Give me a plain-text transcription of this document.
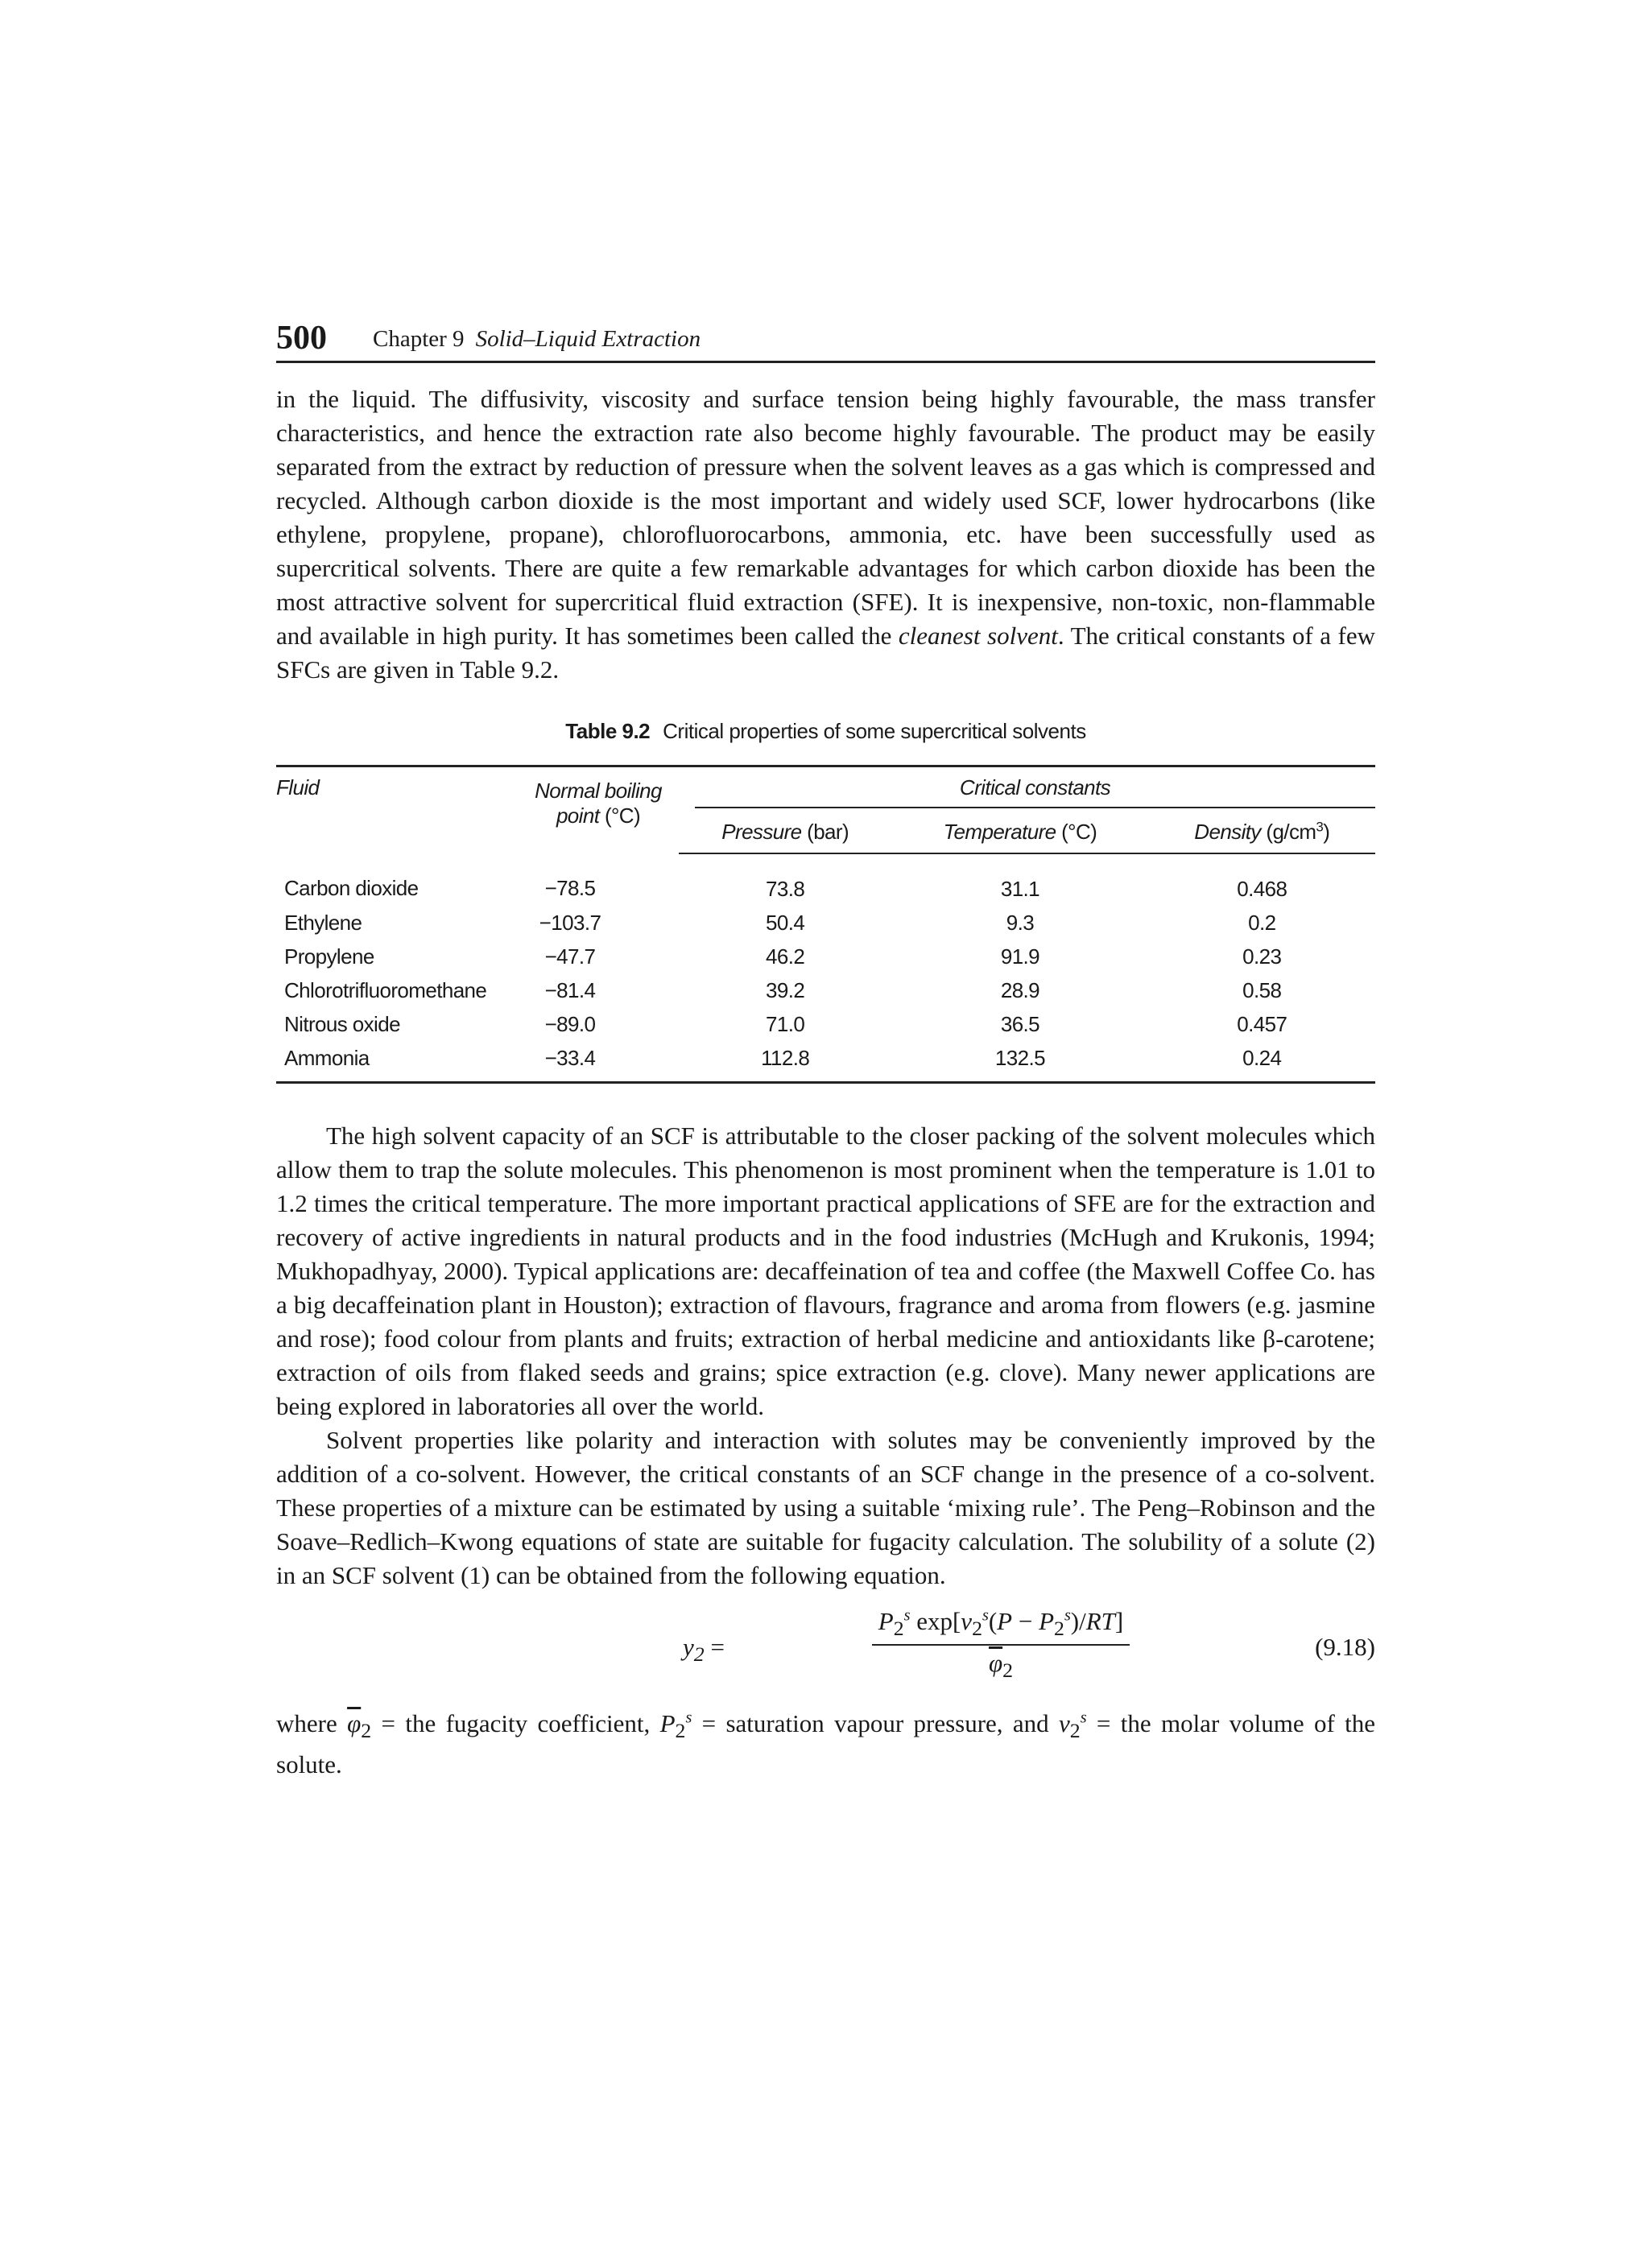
500 Chapter 9 Solid–Liquid Extraction

in the liquid. The diffusivity, viscosity and surface tension being highly favourable, the mass transfer characteristics, and hence the extraction rate also become highly favourable. The product may be easily separated from the extract by reduction of pressure when the solvent leaves as a gas which is compressed and recycled. Although carbon dioxide is the most important and widely used SCF, lower hydrocarbons (like ethylene, propylene, propane), chlorofluorocarbons, ammonia, etc. have been successfully used as supercritical solvents. There are quite a few remarkable advantages for which carbon dioxide has been the most attractive solvent for supercritical fluid extraction (SFE). It is inexpensive, non-toxic, non-flammable and available in high purity. It has sometimes been called the cleanest solvent. The critical constants of a few SFCs are given in Table 9.2.

Table 9.2 Critical properties of some supercritical solvents
Fluid	Normal boiling
point (°C)	Critical constants		

		Pressure (bar)	Temperature (°C)	Density $(g/cm^3)$
Carbon dioxide	−78.5	73.8	31.1	0.468
Ethylene	−103.7	50.4	9.3	0.2
Propylene	−47.7	46.2	91.9	0.23
Chlorotrifluoromethane	−81.4	39.2	28.9	0.58
Nitrous oxide	−89.0	71.0	36.5	0.457
Ammonia	−33.4	112.8	132.5	0.24

The high solvent capacity of an SCF is attributable to the closer packing of the solvent molecules which allow them to trap the solute molecules. This phenomenon is most prominent when the temperature is 1.01 to 1.2 times the critical temperature. The more important practical applications of SFE are for the extraction and recovery of active ingredients in natural products and in the food industries (McHugh and Krukonis, 1994; Mukhopadhyay, 2000). Typical applications are: decaffeination of tea and coffee (the Maxwell Coffee Co. has a big decaffeination plant in Houston); extraction of flavours, fragrance and aroma from flowers (e.g. jasmine and rose); food colour from plants and fruits; extraction of herbal medicine and antioxidants like β-carotene; extraction of oils from flaked seeds and grains; spice extraction (e.g. clove). Many newer applications are being explored in laboratories all over the world.

Solvent properties like polarity and interaction with solutes may be conveniently improved by the addition of a co-solvent. However, the critical constants of an SCF change in the presence of a co-solvent. These properties of a mixture can be estimated by using a suitable ‘mixing rule’. The Peng–Robinson and the Soave–Redlich–Kwong equations of state are suitable for fugacity calculation. The solubility of a solute (2) in an SCF solvent (1) can be obtained from the following equation.

$y_2$ =
$\frac{P_2^s \exp[v_2^s(P - P_2^s)/RT]}{\overline{\varphi}_2} (9.18)$

where $\overline{\varphi}_2$ = the fugacity coefficient, $P_2^s$ = saturation vapour pressure, and $v_2^s$ = the molar volume of the solute.
